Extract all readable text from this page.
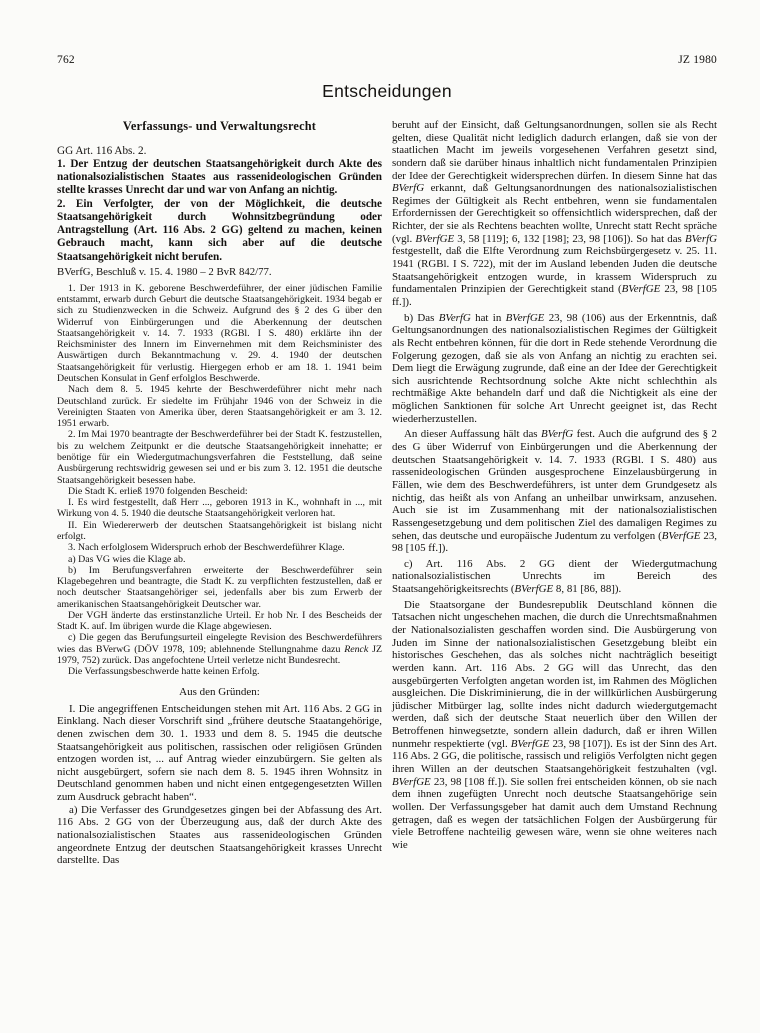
762	JZ 1980
Entscheidungen
Verfassungs- und Verwaltungsrecht
GG Art. 116 Abs. 2.

1. Der Entzug der deutschen Staatsangehörigkeit durch Akte des nationalsozialistischen Staates aus rassenideologischen Gründen stellte krasses Unrecht dar und war von Anfang an nichtig.

2. Ein Verfolgter, der von der Möglichkeit, die deutsche Staatsangehörigkeit durch Wohnsitzbegründung oder Antragstellung (Art. 116 Abs. 2 GG) geltend zu machen, keinen Gebrauch macht, kann sich aber auf die deutsche Staatsangehörigkeit nicht berufen.

BVerfG, Beschluß v. 15. 4. 1980 – 2 BvR 842/77.

1. Der 1913 in K. geborene Beschwerdeführer, der einer jüdischen Familie entstammt, erwarb durch Geburt die deutsche Staatsangehörigkeit. 1934 begab er sich zu Studienzwecken in die Schweiz. Aufgrund des § 2 des G über den Widerruf von Einbürgerungen und die Aberkennung der deutschen Staatsangehörigkeit v. 14. 7. 1933 (RGBl. I S. 480) erklärte ihn der Reichsminister des Innern im Einvernehmen mit dem Reichsminister des Auswärtigen durch Bekanntmachung v. 29. 4. 1940 der deutschen Staatsangehörigkeit für verlustig. Hiergegen erhob er am 18. 1. 1941 beim Deutschen Konsulat in Genf erfolglos Beschwerde.

Nach dem 8. 5. 1945 kehrte der Beschwerdeführer nicht mehr nach Deutschland zurück. Er siedelte im Frühjahr 1946 von der Schweiz in die Vereinigten Staaten von Amerika über, deren Staatsangehörigkeit er am 3. 12. 1951 erwarb.

2. Im Mai 1970 beantragte der Beschwerdeführer bei der Stadt K. festzustellen, bis zu welchem Zeitpunkt er die deutsche Staatsangehörigkeit innehatte; er benötige für ein Wiedergutmachungsverfahren die Feststellung, daß seine Ausbürgerung rechtswidrig gewesen sei und er bis zum 3. 12. 1951 die deutsche Staatsangehörigkeit besessen habe.

Die Stadt K. erließ 1970 folgenden Bescheid:

I. Es wird festgestellt, daß Herr ..., geboren 1913 in K., wohnhaft in ..., mit Wirkung von 4. 5. 1940 die deutsche Staatsangehörigkeit verloren hat.

II. Ein Wiedererwerb der deutschen Staatsangehörigkeit ist bislang nicht erfolgt.

3. Nach erfolglosem Widerspruch erhob der Beschwerdeführer Klage.

a) Das VG wies die Klage ab.

b) Im Berufungsverfahren erweiterte der Beschwerdeführer sein Klagebegehren und beantragte, die Stadt K. zu verpflichten festzustellen, daß er noch deutscher Staatsangehöriger sei, jedenfalls aber bis zum Erwerb der amerikanischen Staatsangehörigkeit Deutscher war.

Der VGH änderte das erstinstanzliche Urteil. Er hob Nr. I des Bescheids der Stadt K. auf. Im übrigen wurde die Klage abgewiesen.

c) Die gegen das Berufungsurteil eingelegte Revision des Beschwerdeführers wies das BVerwG (DÖV 1978, 109; ablehnende Stellungnahme dazu Renck JZ 1979, 752) zurück. Das angefochtene Urteil verletze nicht Bundesrecht.

Die Verfassungsbeschwerde hatte keinen Erfolg.

Aus den Gründen:

I. Die angegriffenen Entscheidungen stehen mit Art. 116 Abs. 2 GG in Einklang. Nach dieser Vorschrift sind „frühere deutsche Staatangehörige, denen zwischen dem 30. 1. 1933 und dem 8. 5. 1945 die deutsche Staatsangehörigkeit aus politischen, rassischen oder religiösen Gründen entzogen worden ist, ... auf Antrag wieder einzubürgern. Sie gelten als nicht ausgebürgert, sofern sie nach dem 8. 5. 1945 ihren Wohnsitz in Deutschland genommen haben und nicht einen entgegengesetzten Willen zum Ausdruck gebracht haben“.

a) Die Verfasser des Grundgesetzes gingen bei der Abfassung des Art. 116 Abs. 2 GG von der Überzeugung aus, daß der durch Akte des nationalsozialistischen Staates aus rassenideologischen Gründen angeordnete Entzug der deutschen Staatsangehörigkeit krasses Unrecht darstellte. Das

beruht auf der Einsicht, daß Geltungsanordnungen, sollen sie als Recht gelten, diese Qualität nicht lediglich dadurch erlangen, daß sie von der staatlichen Macht im jeweils vorgesehenen Verfahren gesetzt sind, sondern daß sie darüber hinaus inhaltlich nicht fundamentalen Prinzipien der Idee der Gerechtigkeit widersprechen dürfen. In diesem Sinne hat das BVerfG erkannt, daß Geltungsanordnungen des nationalsozialistischen Regimes der Gültigkeit als Recht entbehren, wenn sie fundamentalen Erfordernissen der Gerechtigkeit so offensichtlich widersprechen, daß der Richter, der sie als Rechtens beachten wollte, Unrecht statt Recht spräche (vgl. BVerfGE 3, 58 [119]; 6, 132 [198]; 23, 98 [106]). So hat das BVerfG festgestellt, daß die Elfte Verordnung zum Reichsbürgergesetz v. 25. 11. 1941 (RGBl. I S. 722), mit der im Ausland lebenden Juden die deutsche Staatsangehörigkeit entzogen wurde, in krassem Widerspruch zu fundamentalen Prinzipien der Gerechtigkeit stand (BVerfGE 23, 98 [105 ff.]).

b) Das BVerfG hat in BVerfGE 23, 98 (106) aus der Erkenntnis, daß Geltungsanordnungen des nationalsozialistischen Regimes der Gültigkeit als Recht entbehren können, für die dort in Rede stehende Verordnung die Folgerung gezogen, daß sie als von Anfang an nichtig zu erachten sei. Dem liegt die Erwägung zugrunde, daß eine an der Idee der Gerechtigkeit sich ausrichtende Rechtsordnung solche Akte nicht schlechthin als rechtmäßige Akte behandeln darf und daß die Nichtigkeit als eine der möglichen Sanktionen für solche Art Unrecht geeignet ist, das Recht wiederherzustellen.

An dieser Auffassung hält das BVerfG fest. Auch die aufgrund des § 2 des G über Widerruf von Einbürgerungen und die Aberkennung der deutschen Staatsangehörigkeit v. 14. 7. 1933 (RGBl. I S. 480) aus rassenideologischen Gründen ausgesprochene Einzelausbürgerung in Fällen, wie dem des Beschwerdeführers, ist unter dem Grundgesetz als nichtig, das heißt als von Anfang an unheilbar unwirksam, anzusehen. Auch sie ist im Zusammenhang mit der nationalsozialistischen Rassengesetzgebung und dem politischen Ziel des damaligen Regimes zu sehen, das deutsche und europäische Judentum zu verfolgen (BVerfGE 23, 98 [105 ff.]).

c) Art. 116 Abs. 2 GG dient der Wiedergutmachung nationalsozialistischen Unrechts im Bereich des Staatsangehörigkeitsrechts (BVerfGE 8, 81 [86, 88]).

Die Staatsorgane der Bundesrepublik Deutschland können die Tatsachen nicht ungeschehen machen, die durch die Unrechtsmaßnahmen der Nationalsozialisten geschaffen worden sind. Die Ausbürgerung von Juden im Sinne der nationalsozialistischen Gesetzgebung bleibt ein historisches Geschehen, das als solches nicht nachträglich beseitigt werden kann. Art. 116 Abs. 2 GG will das Unrecht, das den ausgebürgerten Verfolgten angetan worden ist, im Rahmen des Möglichen ausgleichen. Die Diskriminierung, die in der willkürlichen Ausbürgerung jüdischer Mitbürger lag, sollte indes nicht dadurch wiedergutgemacht werden, daß sich der deutsche Staat neuerlich über den Willen der Betroffenen hinwegsetzte, sondern allein dadurch, daß er ihren Willen nunmehr respektierte (vgl. BVerfGE 23, 98 [107]). Es ist der Sinn des Art. 116 Abs. 2 GG, die politische, rassisch und religiös Verfolgten nicht gegen ihren Willen an der deutschen Staatsangehörigkeit festzuhalten (vgl. BVerfGE 23, 98 [108 ff.]). Sie sollen frei entscheiden können, ob sie nach dem ihnen zugefügten Unrecht noch deutsche Staatsangehörige sein wollen. Der Verfassungsgeber hat damit auch dem Umstand Rechnung getragen, daß es wegen der tatsächlichen Folgen der Ausbürgerung für viele Betroffene nachteilig gewesen wäre, wenn sie ohne weiteres nach wie
